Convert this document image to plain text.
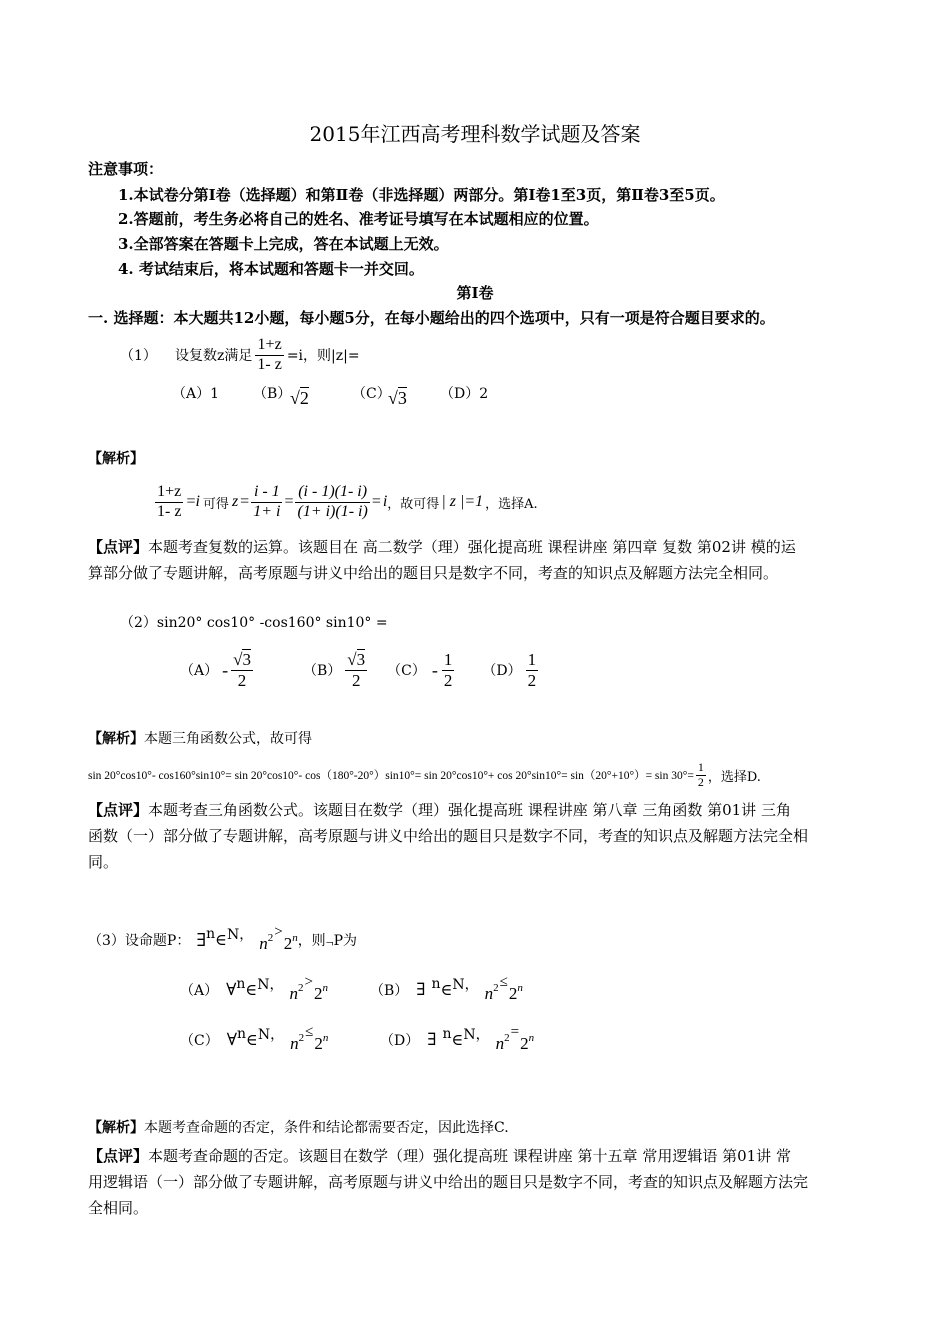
2015年江西高考理科数学试题及答案
注意事项：
1.本试卷分第Ⅰ卷（选择题）和第Ⅱ卷（非选择题）两部分。第Ⅰ卷1至3页，第Ⅱ卷3至5页。
2.答题前，考生务必将自己的姓名、准考证号填写在本试题相应的位置。
3.全部答案在答题卡上完成，答在本试题上无效。
4. 考试结束后，将本试题和答题卡一并交回。
第Ⅰ卷
一. 选择题：本大题共12小题，每小题5分，在每小题给出的四个选项中，只有一项是符合题目要求的。
（1）	设复数z满足 $\frac{1+z}{1- z} =i$，则|z|=
（A）1 （B）
√2	（C）
√3 （D）2
【解析】
$\frac{1+z}{1- z} = i$ 可得 $z = \frac{i - 1}{1+ i} = \frac{(i - 1)(1- i)}{(1+ i)(1- i)} = i$ ，故可得 | z |=1 ，选择A.
【点评】本题考查复数的运算。该题目在 高二数学（理）强化提高班 课程讲座 第四章 复数 第02讲 模的运
算部分做了专题讲解，高考原题与讲义中给出的题目只是数字不同，考查的知识点及解题方法完全相同。
（2）sin20° cos10° -cos160° sin10° =
$(A) - \frac{√3}{2}$	$(B) \frac{√3}{2} (C) - \frac{1}{2} (D) \frac{1}{2}$
【解析】本题三角函数公式，故可得
sin 20°cos10°- cos160°sin10°= sin 20°cos10°- $\cos(180^\circ-20^\circ)\sin 10^\circ= \sin 20^\circ\cos 10^\circ+ \cos 20^\circ\sin 10^\circ= \sin(20^\circ+10^\circ)= \sin 30^\circ= \frac{1}{2}$ ，选择D.
【点评】本题考查三角函数公式。该题目在数学（理）强化提高班 课程讲座 第八章 三角函数 第01讲 三角
函数（一）部分做了专题讲解，高考原题与讲义中给出的题目只是数字不同，考查的知识点及解题方法完全相
同。
（3）设命题P： ∃ n ∈ N， n 2 >
2 n ，则 ¬ P为
（A） ∀ n ∈ N， n 2 >
2 n	（B） ∃ n ∈ N， n 2 ≤
2 n
（C） ∀ n ∈ N， n 2 ≤
2 n	（D） ∃ n ∈ N， n 2 =
2 n
【解析】本题考查命题的否定，条件和结论都需要否定，因此选择C.
【点评】本题考查命题的否定。该题目在数学（理）强化提高班 课程讲座 第十五章 常用逻辑语 第01讲 常
用逻辑语（一）部分做了专题讲解，高考原题与讲义中给出的题目只是数字不同，考查的知识点及解题方法完
全相同。
